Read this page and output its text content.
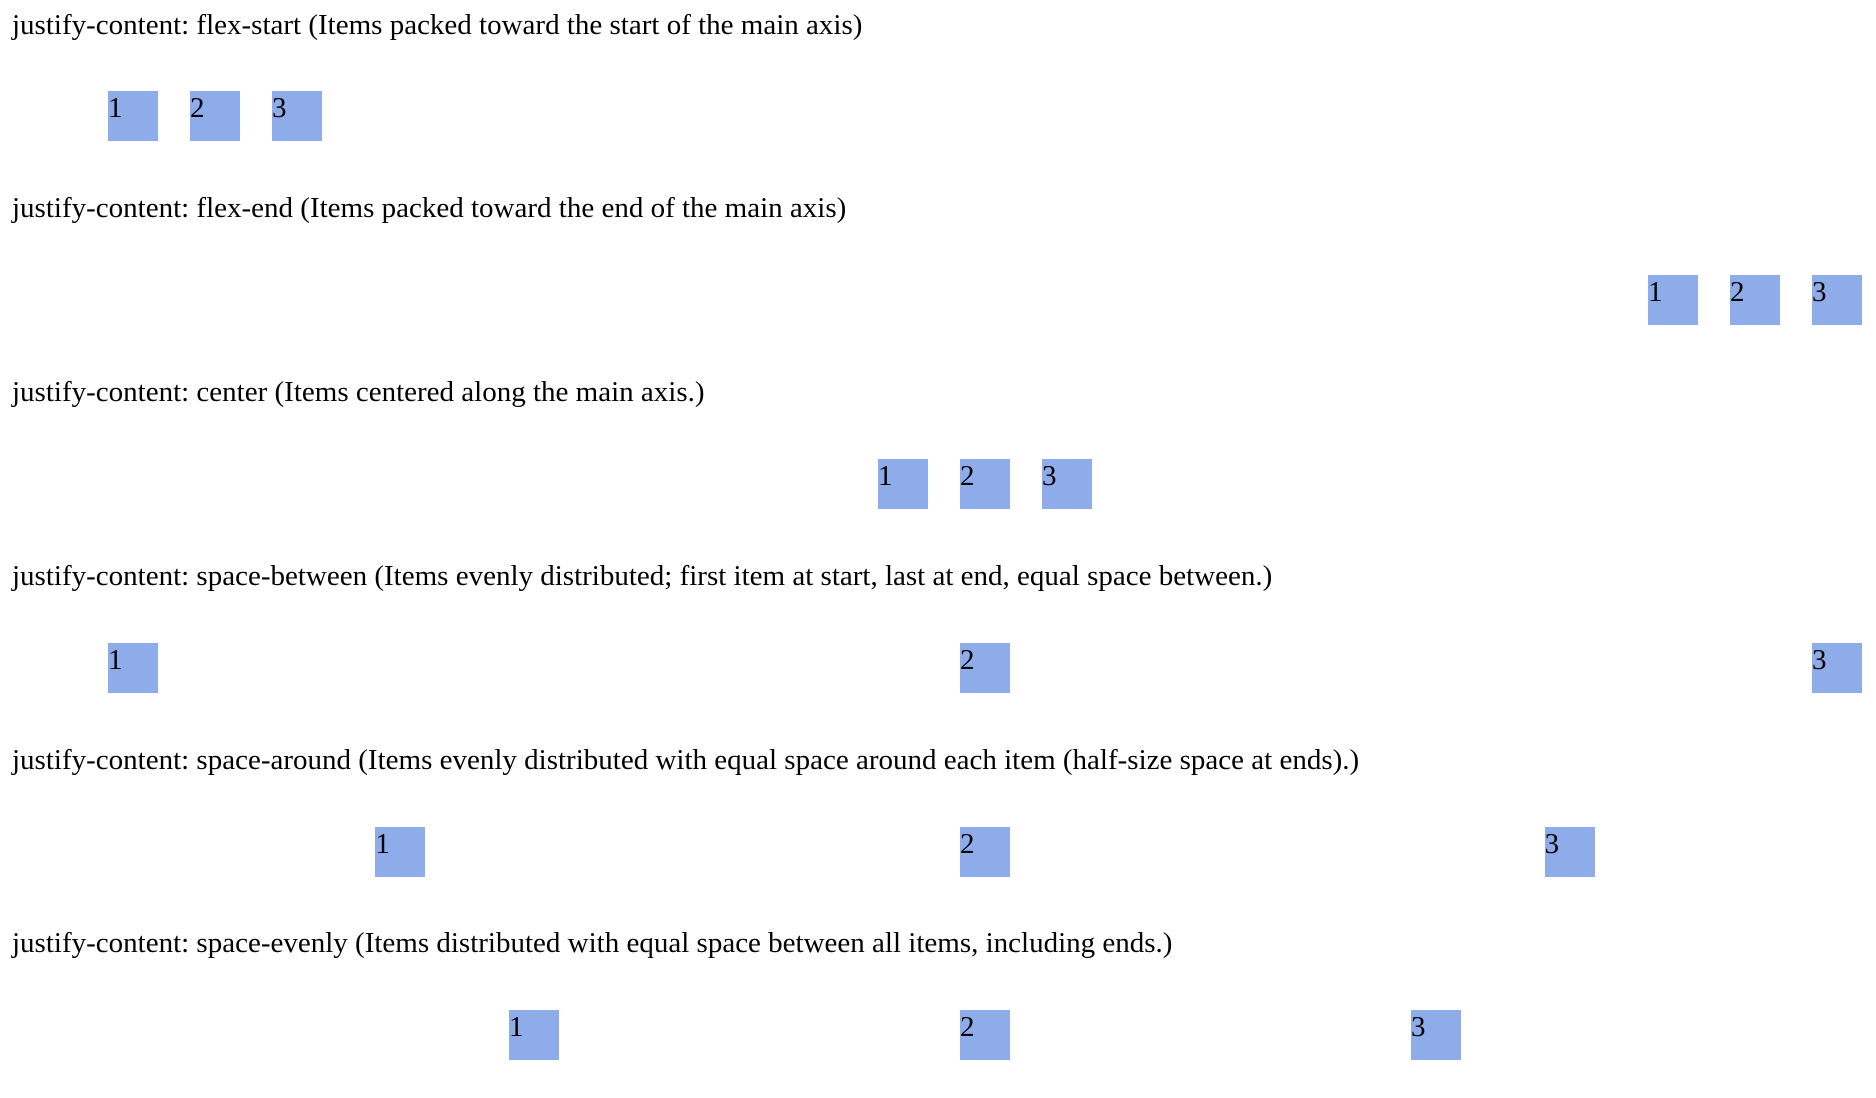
justify-content: flex-start (Items packed toward the start of the main axis)
1	2	3
justify-content: flex-end (Items packed toward the end of the main axis)
1	2	3
justify-content: center (Items centered along the main axis.)
1	2	3
justify-content: space-between (Items evenly distributed; first item at start, last at end, equal space between.)
1	2	3
justify-content: space-around (Items evenly distributed with equal space around each item (half-size space at ends).)
1	2	3
justify-content: space-evenly (Items distributed with equal space between all items, including ends.)
1	2	3
